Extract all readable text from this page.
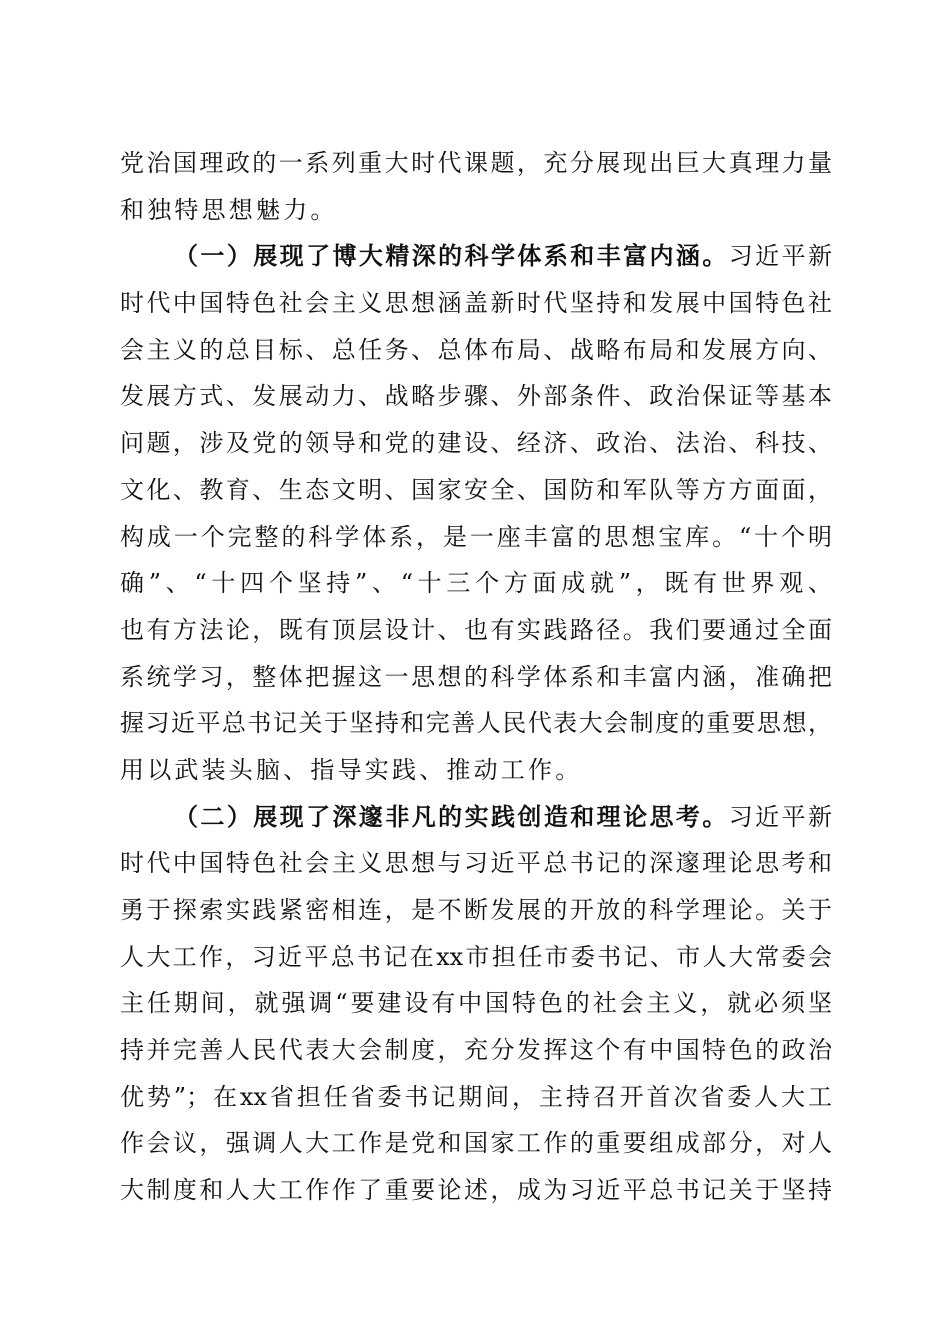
党治国理政的一系列重大时代课题，充分展现出巨大真理力量
和独特思想魅力。
（一）展现了博大精深的科学体系和丰富内涵。习近平新
时代中国特色社会主义思想涵盖新时代坚持和发展中国特色社
会主义的总目标、总任务、总体布局、战略布局和发展方向、
发展方式、发展动力、战略步骤、外部条件、政治保证等基本
问题，涉及党的领导和党的建设、经济、政治、法治、科技、
文化、教育、生态文明、国家安全、国防和军队等方方面面，
构成一个完整的科学体系，是一座丰富的思想宝库。“十个明
确”、“十四个坚持”、“十三个方面成就”，既有世界观、
也有方法论，既有顶层设计、也有实践路径。我们要通过全面
系统学习，整体把握这一思想的科学体系和丰富内涵，准确把
握习近平总书记关于坚持和完善人民代表大会制度的重要思想，
用以武装头脑、指导实践、推动工作。
（二）展现了深邃非凡的实践创造和理论思考。习近平新
时代中国特色社会主义思想与习近平总书记的深邃理论思考和
勇于探索实践紧密相连，是不断发展的开放的科学理论。关于
人大工作，习近平总书记在xx市担任市委书记、市人大常委会
主任期间，就强调“要建设有中国特色的社会主义，就必须坚
持并完善人民代表大会制度，充分发挥这个有中国特色的政治
优势”；在xx省担任省委书记期间，主持召开首次省委人大工
作会议，强调人大工作是党和国家工作的重要组成部分，对人
大制度和人大工作作了重要论述，成为习近平总书记关于坚持
